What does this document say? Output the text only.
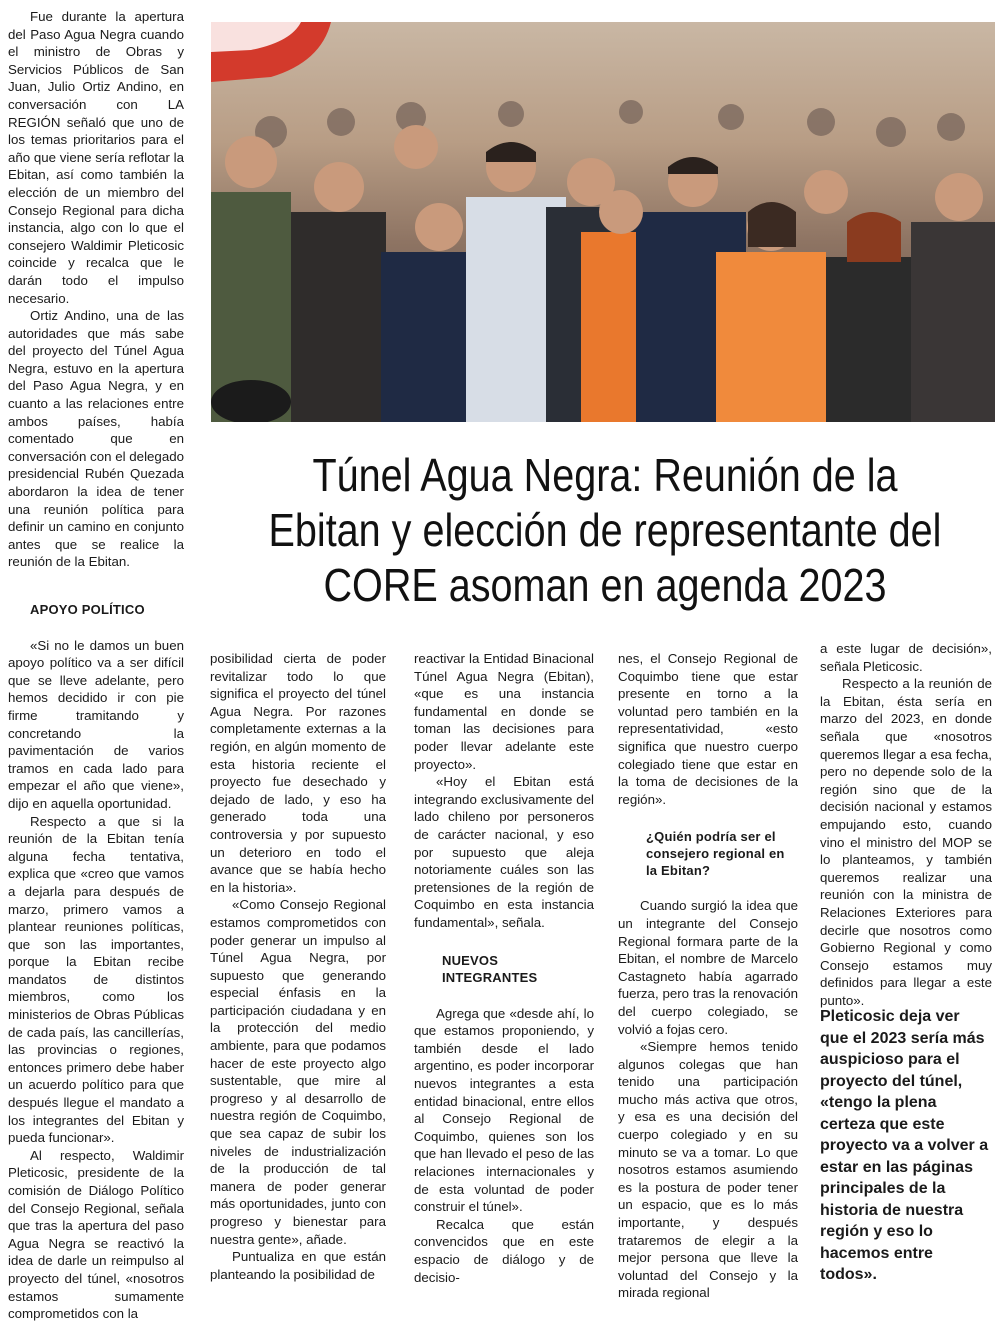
Fue durante la apertura del Paso Agua Negra cuando el ministro de Obras y Servicios Públicos de San Juan, Julio Ortiz Andino, en conversación con LA REGIÓN señaló que uno de los temas prioritarios para el año que viene sería reflotar la Ebitan, así como también la elección de un miembro del Consejo Regional para dicha instancia, algo con lo que el consejero Waldimir Pleticosic coincide y recalca que le darán todo el impulso necesario.

Ortiz Andino, una de las autoridades que más sabe del proyecto del Túnel Agua Negra, estuvo en la apertura del Paso Agua Negra, y en cuanto a las relaciones entre ambos países, había comentado que en conversación con el delegado presidencial Rubén Quezada abordaron la idea de tener una reunión política para definir un camino en conjunto antes que se realice la reunión de la Ebitan.

APOYO POLÍTICO

«Si no le damos un buen apoyo político va a ser difícil que se lleve adelante, pero hemos decidido ir con pie firme tramitando y concretando la pavimentación de varios tramos en cada lado para empezar el año que viene», dijo en aquella oportunidad.

Respecto a que si la reunión de la Ebitan tenía alguna fecha tentativa, explica que «creo que vamos a dejarla para después de marzo, primero vamos a plantear reuniones políticas, que son las importantes, porque la Ebitan recibe mandatos de distintos miembros, como los ministerios de Obras Públicas de cada país, las cancillerías, las provincias o regiones, entonces primero debe haber un acuerdo político para que después llegue el mandato a los integrantes del Ebitan y pueda funcionar».

Al respecto, Waldimir Pleticosic, presidente de la comisión de Diálogo Político del Consejo Regional, señala que tras la apertura del paso Agua Negra se reactivó la idea de darle un reimpulso al proyecto del túnel, «nosotros estamos sumamente comprometidos con la

Túnel Agua Negra: Reunión de la Ebitan y elección de representante del CORE asoman en agenda 2023

posibilidad cierta de poder revitalizar todo lo que significa el proyecto del túnel Agua Negra. Por razones completamente externas a la región, en algún momento de esta historia reciente el proyecto fue desechado y dejado de lado, y eso ha generado toda una controversia y por supuesto un deterioro en todo el avance que se había hecho en la historia».

«Como Consejo Regional estamos comprometidos con poder generar un impulso al Túnel Agua Negra, por supuesto que generando especial énfasis en la participación ciudadana y en la protección del medio ambiente, para que podamos hacer de este proyecto algo sustentable, que mire al progreso y al desarrollo de nuestra región de Coquimbo, que sea capaz de subir los niveles de industrialización de la producción de tal manera de poder generar más oportunidades, junto con progreso y bienestar para nuestra gente», añade.

Puntualiza en que están planteando la posibilidad de

reactivar la Entidad Binacional Túnel Agua Negra (Ebitan), «que es una instancia fundamental en donde se toman las decisiones para poder llevar adelante este proyecto».

«Hoy el Ebitan está integrando exclusivamente del lado chileno por personeros de carácter nacional, y eso por supuesto que aleja notoriamente cuáles son las pretensiones de la región de Coquimbo en esta instancia fundamental», señala.

NUEVOS INTEGRANTES

Agrega que «desde ahí, lo que estamos proponiendo, y también desde el lado argentino, es poder incorporar nuevos integrantes a esta entidad binacional, entre ellos al Consejo Regional de Coquimbo, quienes son los que han llevado el peso de las relaciones internacionales y de esta voluntad de poder construir el túnel».

Recalca que están convencidos que en este espacio de diálogo y de decisio-

nes, el Consejo Regional de Coquimbo tiene que estar presente en torno a la voluntad pero también en la representatividad, «esto significa que nuestro cuerpo colegiado tiene que estar en la toma de decisiones de la región».

¿Quién podría ser el consejero regional en la Ebitan?

Cuando surgió la idea que un integrante del Consejo Regional formara parte de la Ebitan, el nombre de Marcelo Castagneto había agarrado fuerza, pero tras la renovación del cuerpo colegiado, se volvió a fojas cero.

«Siempre hemos tenido algunos colegas que han tenido una participación mucho más activa que otros, y esa es una decisión del cuerpo colegiado y en su minuto se va a tomar. Lo que nosotros estamos asumiendo es la postura de poder tener un espacio, que es lo más importante, y después trataremos de elegir a la mejor persona que lleve la voluntad del Consejo y la mirada regional

a este lugar de decisión», señala Pleticosic.

Respecto a la reunión de la Ebitan, ésta sería en marzo del 2023, en donde señala que «nosotros queremos llegar a esa fecha, pero no depende solo de la región sino que de la decisión nacional y estamos empujando esto, cuando vino el ministro del MOP se lo planteamos, y también queremos realizar una reunión con la ministra de Relaciones Exteriores para decirle que nosotros como Gobierno Regional y como Consejo estamos muy definidos para llegar a este punto».

Pleticosic deja ver que el 2023 sería más auspicioso para el proyecto del túnel, «tengo la plena certeza que este proyecto va a volver a estar en las páginas principales de la historia de nuestra región y eso lo hacemos entre todos».
